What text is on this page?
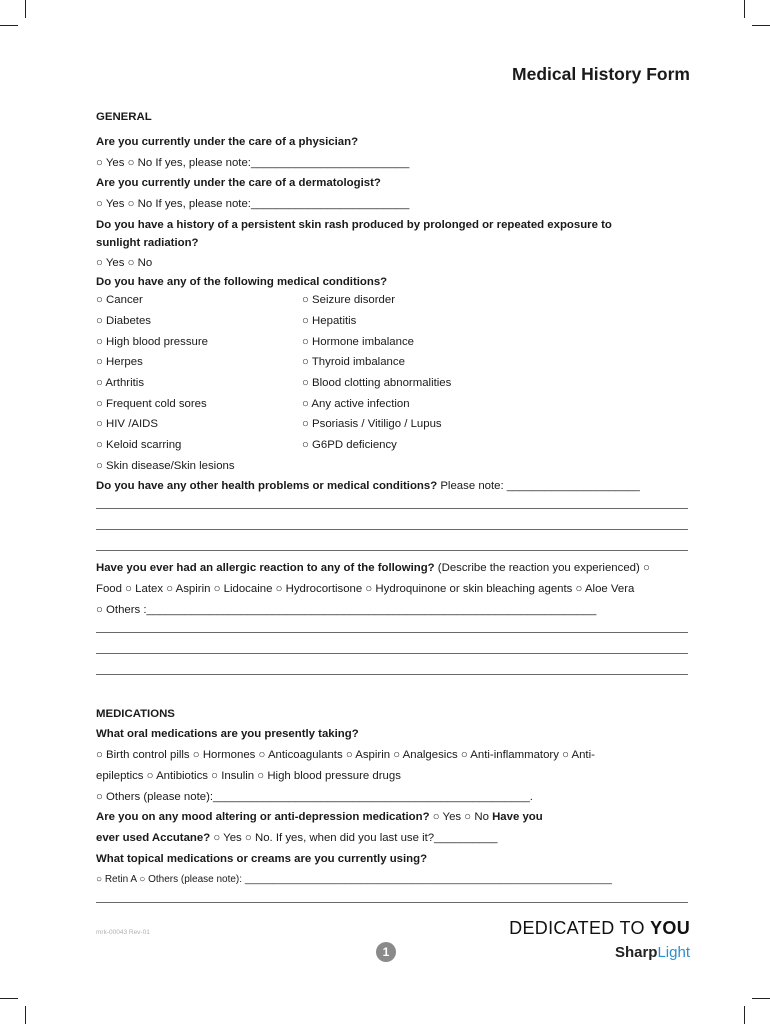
Medical History Form
GENERAL
Are you currently under the care of a physician?
○ Yes ○ No If yes, please note:_________________________
Are you currently under the care of a dermatologist?
○ Yes ○ No If yes, please note:_________________________
Do you have a history of a persistent skin rash produced by prolonged or repeated exposure to
sunlight radiation?
○ Yes ○ No
Do you have any of the following medical conditions?
○ Cancer
○ Diabetes
○ High blood pressure
○ Herpes
○ Arthritis
○ Frequent cold sores
○ HIV /AIDS
○ Keloid scarring
○ Skin disease/Skin lesions
○ Seizure disorder
○ Hepatitis
○ Hormone imbalance
○ Thyroid imbalance
○ Blood clotting abnormalities
○ Any active infection
○ Psoriasis / Vitiligo / Lupus
○ G6PD deficiency
Do you have any other health problems or medical conditions? Please note: _____________________
Have you ever had an allergic reaction to any of the following? (Describe the reaction you experienced) ○
Food ○ Latex ○ Aspirin ○ Lidocaine ○ Hydrocortisone ○ Hydroquinone or skin bleaching agents ○ Aloe Vera
○ Others :_______________________________________________________________________
MEDICATIONS
What oral medications are you presently taking?
○ Birth control pills ○ Hormones ○ Anticoagulants ○ Aspirin ○ Analgesics ○ Anti-inflammatory ○ Anti-
epileptics ○ Antibiotics ○ Insulin ○ High blood pressure drugs
○ Others (please note):__________________________________________________.
Are you on any mood altering or anti-depression medication? ○ Yes ○ No Have you
ever used Accutane? ○ Yes ○ No. If yes, when did you last use it?__________
What topical medications or creams are you currently using?
○ Retin A ○ Others (please note): __________________________________________________________________
mrk-00043 Rev-01
1
DEDICATED TO YOU
SharpLight
